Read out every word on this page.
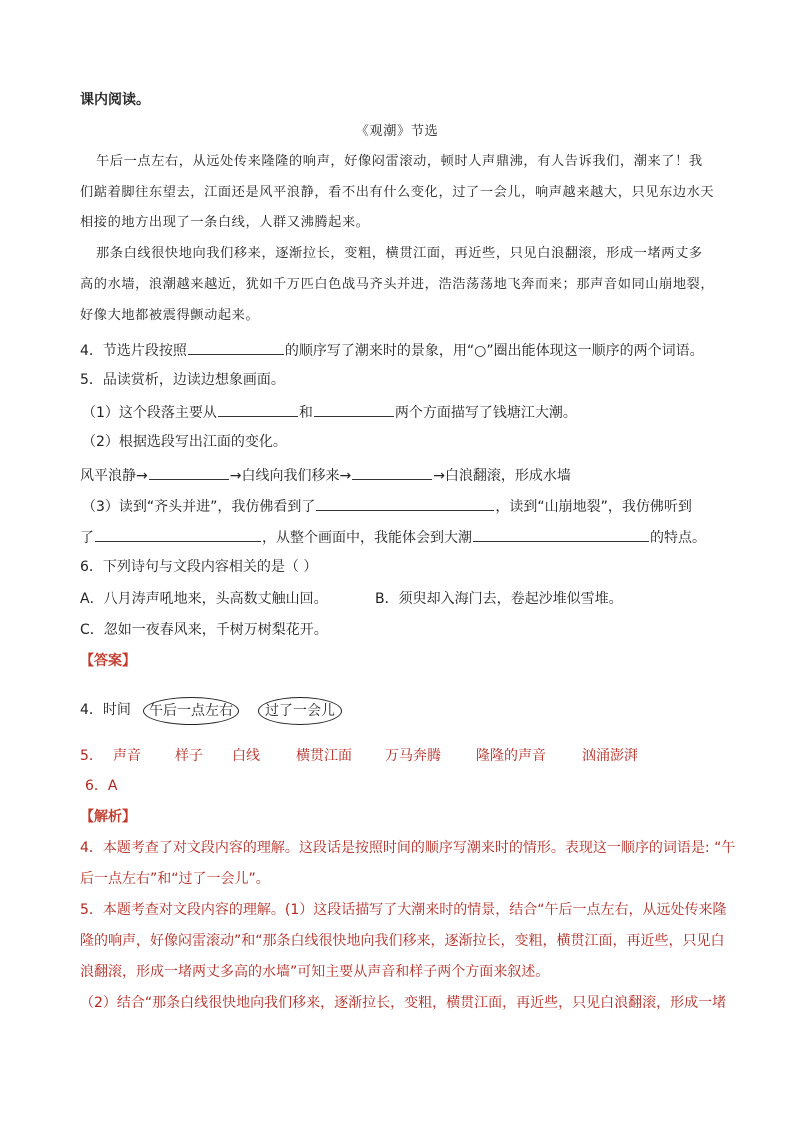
课内阅读。
《观潮》节选
午后一点左右，从远处传来隆隆的响声，好像闷雷滚动，顿时人声鼎沸，有人告诉我们，潮来了！我
们踮着脚往东望去，江面还是风平浪静，看不出有什么变化，过了一会儿，响声越来越大，只见东边水天
相接的地方出现了一条白线，人群又沸腾起来。
那条白线很快地向我们移来，逐渐拉长，变粗，横贯江面，再近些，只见白浪翻滚，形成一堵两丈多
高的水墙，浪潮越来越近，犹如千万匹白色战马齐头并进，浩浩荡荡地飞奔而来；那声音如同山崩地裂，
好像大地都被震得颤动起来。
4．节选片段按照	的顺序写了潮来时的景象，用“○”圈出能体现这一顺序的两个词语。
5．品读赏析，边读边想象画面。
（1）这个段落主要从	和	两个方面描写了钱塘江大潮。
（2）根据选段写出江面的变化。
风平浪静→	→白线向我们移来→	→白浪翻滚，形成水墙
（3）读到“齐头并进”，我仿佛看到了	，读到“山崩地裂”，我仿佛听到
了	，从整个画面中，我能体会到大潮	的特点。
6．下列诗句与文段内容相关的是（ ）
A．八月涛声吼地来，头高数丈触山回。	B．须臾却入海门去，卷起沙堆似雪堆。
C．忽如一夜春风来，千树万树梨花开。
【答案】
4．时间	午后一点左右	过了一会儿
5． 声音 样子 白线	横贯江面 万马奔腾	隆隆的声音	汹涌澎湃
6．A
【解析】
4．本题考查了对文段内容的理解。这段话是按照时间的顺序写潮来时的情形。表现这一顺序的词语是: “午
后一点左右”和“过了一会儿”。
5．本题考查对文段内容的理解。(1）这段话描写了大潮来时的情景，结合“午后一点左右，从远处传来隆
隆的响声，好像闷雷滚动”和“那条白线很快地向我们移来，逐渐拉长，变粗，横贯江面，再近些，只见白
浪翻滚，形成一堵两丈多高的水墙”可知主要从声音和样子两个方面来叙述。
（2）结合“那条白线很快地向我们移来，逐渐拉长，变粗，横贯江面，再近些，只见白浪翻滚，形成一堵
